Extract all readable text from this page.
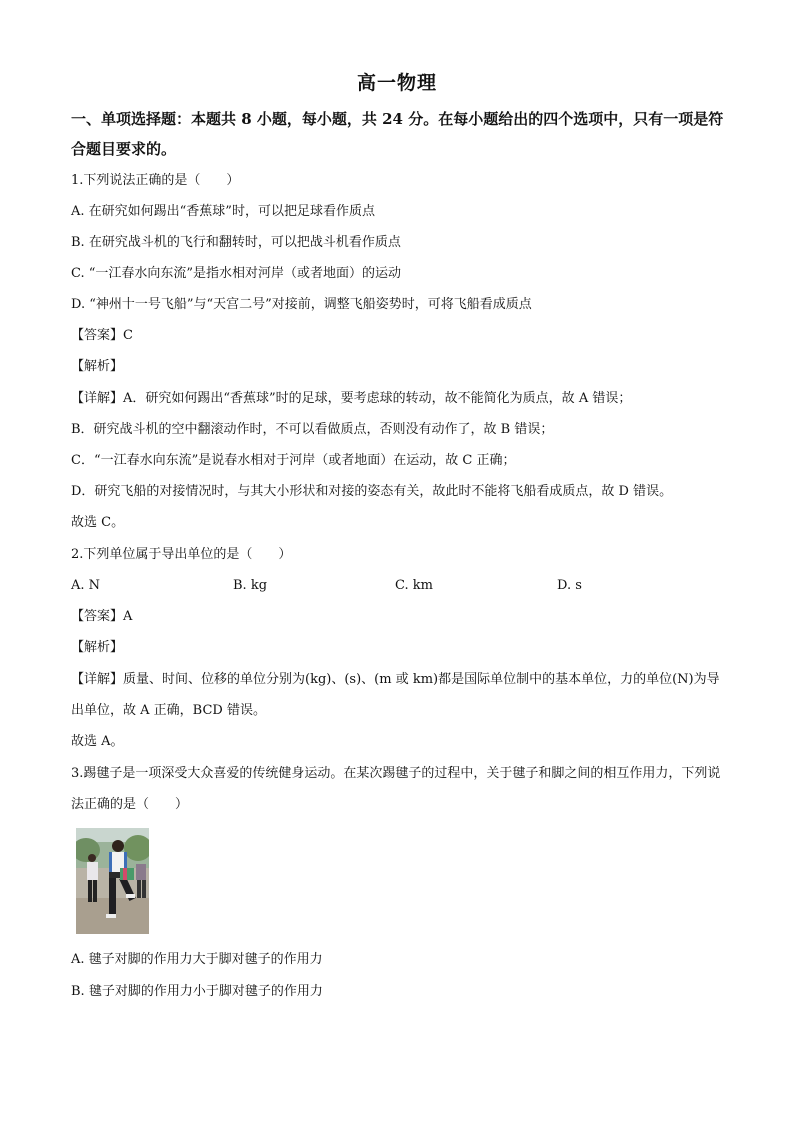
高一物理
一、单项选择题：本题共 8 小题，每小题，共 24 分。在每小题给出的四个选项中，只有一项是符合题目要求的。
1.下列说法正确的是（　　）
A. 在研究如何踢出“香蕉球”时，可以把足球看作质点
B. 在研究战斗机的飞行和翻转时，可以把战斗机看作质点
C. “一江春水向东流”是指水相对河岸（或者地面）的运动
D. “神州十一号飞船”与“天宫二号”对接前，调整飞船姿势时，可将飞船看成质点
【答案】C
【解析】
【详解】A．研究如何踢出“香蕉球”时的足球，要考虑球的转动，故不能简化为质点，故 A 错误；
B．研究战斗机的空中翻滚动作时，不可以看做质点，否则没有动作了，故 B 错误；
C．“一江春水向东流”是说春水相对于河岸（或者地面）在运动，故 C 正确；
D．研究飞船的对接情况时，与其大小形状和对接的姿态有关，故此时不能将飞船看成质点，故 D 错误。
故选 C。
2.下列单位属于导出单位的是（　　）
A. N	B. kg	C. km	D. s
【答案】A
【解析】
【详解】质量、时间、位移的单位分别为(kg)、(s)、(m 或 km)都是国际单位制中的基本单位，力的单位(N)为导出单位，故 A 正确，BCD 错误。
故选 A。
3.踢毽子是一项深受大众喜爱的传统健身运动。在某次踢毽子的过程中，关于毽子和脚之间的相互作用力，下列说法正确的是（　　）
A. 毽子对脚的作用力大于脚对毽子的作用力
B. 毽子对脚的作用力小于脚对毽子的作用力
